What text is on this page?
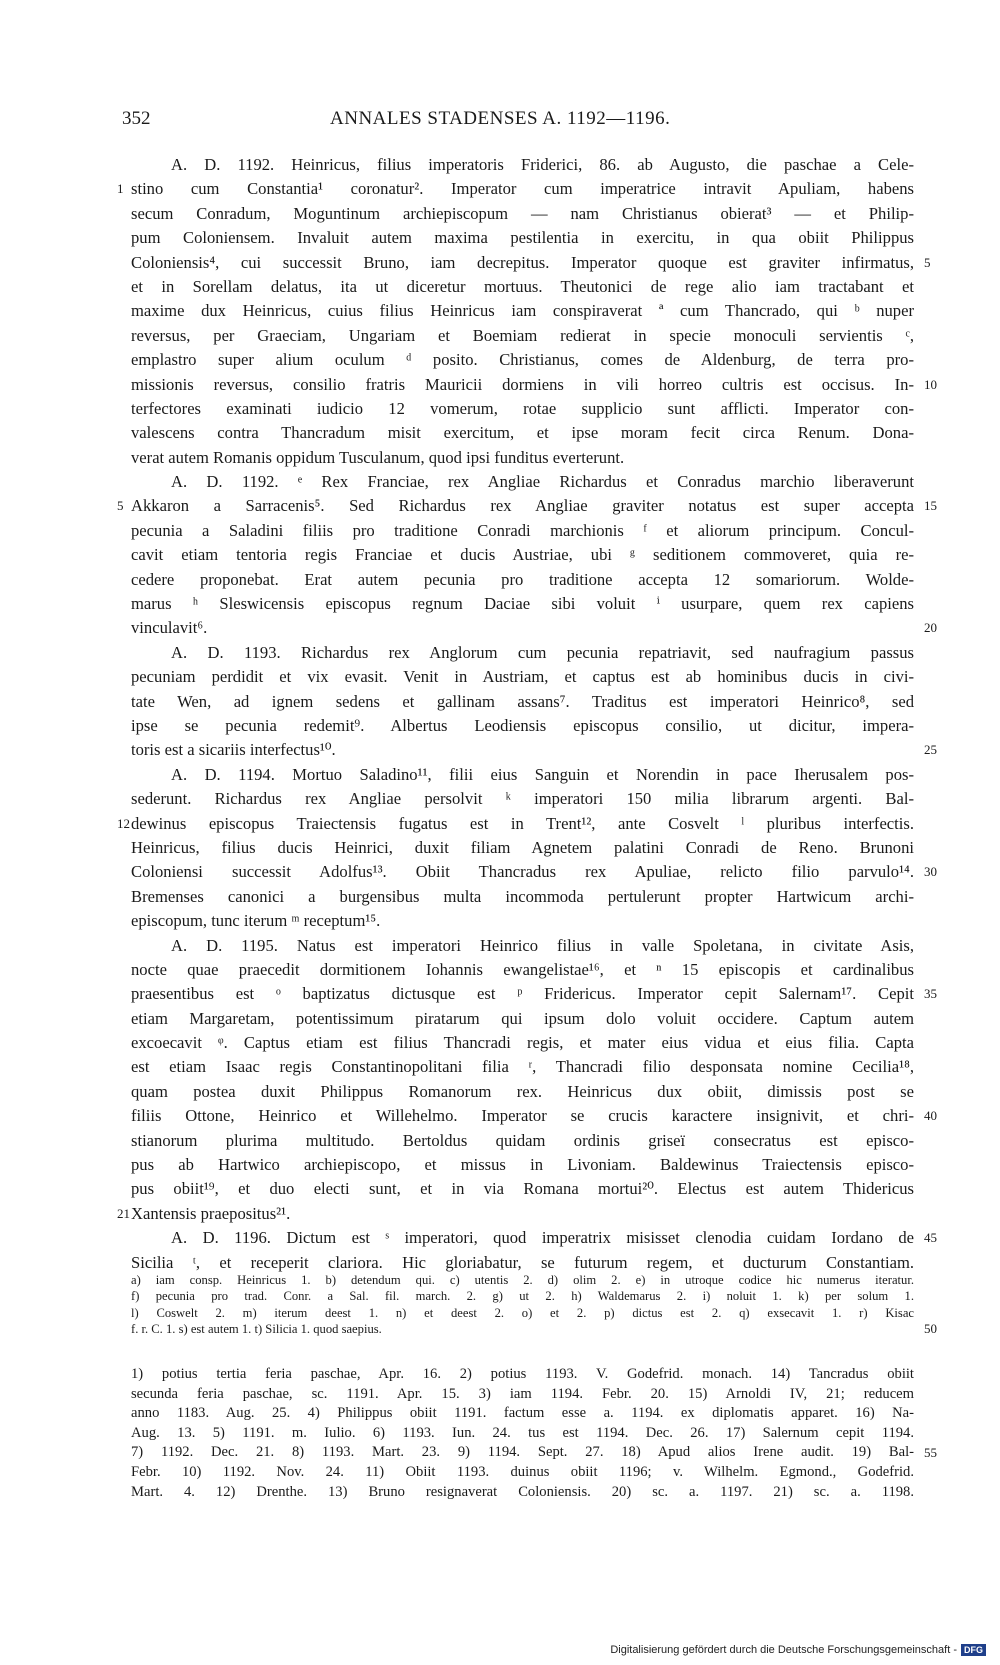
352	ANNALES STADENSES A. 1192—1196.
A. D. 1192. Heinricus, filius imperatoris Friderici, 86. ab Augusto, die paschae a Cele-
stino cum Constantia¹ coronatur². Imperator cum imperatrice intravit Apuliam, habens
1
secum Conradum, Moguntinum archiepiscopum — nam Christianus obierat³ — et Philip-
pum Coloniensem. Invaluit autem maxima pestilentia in exercitu, in qua obiit Philippus
Coloniensis⁴, cui successit Bruno, iam decrepitus. Imperator quoque est graviter infirmatus, 5
et in Sorellam delatus, ita ut diceretur mortuus. Theutonici de rege alio iam tractabant et
maxime dux Heinricus, cuius filius Heinricus iam conspiraverat ª cum Thancrado, qui ᵇ nuper
reversus, per Graeciam, Ungariam et Boemiam redierat in specie monoculi servientis ᶜ,
emplastro super alium oculum ᵈ posito. Christianus, comes de Aldenburg, de terra pro-
missionis reversus, consilio fratris Mauricii dormiens in vili horreo cultris est occisus. In- 10
terfectores examinati iudicio 12 vomerum, rotae supplicio sunt afflicti. Imperator con-
valescens contra Thancradum misit exercitum, et ipse moram fecit circa Renum. Dona-
verat autem Romanis oppidum Tusculanum, quod ipsi funditus everterunt.
A. D. 1192. ᵉ Rex Franciae, rex Angliae Richardus et Conradus marchio liberaverunt
Akkaron a Sarracenis⁵. Sed Richardus rex Angliae graviter notatus est super accepta 15
5
pecunia a Saladini filiis pro traditione Conradi marchionis ᶠ et aliorum principum. Concul-
cavit etiam tentoria regis Franciae et ducis Austriae, ubi ᵍ seditionem commoveret, quia re-
cedere proponebat. Erat autem pecunia pro traditione accepta 12 somariorum. Wolde-
marus ʰ Sleswicensis episcopus regnum Daciae sibi voluit ⁱ usurpare, quem rex capiens
vinculavit⁶.	20
A. D. 1193. Richardus rex Anglorum cum pecunia repatriavit, sed naufragium passus
pecuniam perdidit et vix evasit. Venit in Austriam, et captus est ab hominibus ducis in civi-
tate Wen, ad ignem sedens et gallinam assans⁷. Traditus est imperatori Heinrico⁸, sed
ipse se pecunia redemit⁹. Albertus Leodiensis episcopus consilio, ut dicitur, impera-
toris est a sicariis interfectus¹⁰.	25
A. D. 1194. Mortuo Saladino¹¹, filii eius Sanguin et Norendin in pace Iherusalem pos-
sederunt. Richardus rex Angliae persolvit ᵏ imperatori 150 milia librarum argenti. Bal-
dewinus episcopus Traiectensis fugatus est in Trent¹², ante Cosvelt ˡ pluribus interfectis.
12
Heinricus, filius ducis Heinrici, duxit filiam Agnetem palatini Conradi de Reno. Brunoni
Coloniensi successit Adolfus¹³. Obiit Thancradus rex Apuliae, relicto filio parvulo¹⁴. 30
Bremenses canonici a burgensibus multa incommoda pertulerunt propter Hartwicum archi-
episcopum, tunc iterum ᵐ receptum¹⁵.
A. D. 1195. Natus est imperatori Heinrico filius in valle Spoletana, in civitate Asis,
nocte quae praecedit dormitionem Iohannis ewangelistae¹⁶, et ⁿ 15 episcopis et cardinalibus
praesentibus est ᵒ baptizatus dictusque est ᵖ Fridericus. Imperator cepit Salernam¹⁷. Cepit 35
etiam Margaretam, potentissimum piratarum qui ipsum dolo voluit occidere. Captum autem
excoecavit ᵠ. Captus etiam est filius Thancradi regis, et mater eius vidua et eius filia. Capta
est etiam Isaac regis Constantinopolitani filia ʳ, Thancradi filio desponsata nomine Cecilia¹⁸,
quam postea duxit Philippus Romanorum rex. Heinricus dux obiit, dimissis post se
filiis Ottone, Heinrico et Willehelmo. Imperator se crucis karactere insignivit, et chri- 40
stianorum plurima multitudo. Bertoldus quidam ordinis griseï consecratus est episco-
pus ab Hartwico archiepiscopo, et missus in Livoniam. Baldewinus Traiectensis episco-
pus obiit¹⁹, et duo electi sunt, et in via Romana mortui²⁰. Electus est autem Thidericus
Xantensis praepositus²¹.
21
A. D. 1196. Dictum est ˢ imperatori, quod imperatrix misisset clenodia cuidam Iordano de 45
Sicilia ᵗ, et receperit clariora. Hic gloriabatur, se futurum regem, et ducturum Constantiam.
a) iam consp. Heinricus 1. b) detendum qui. c) utentis 2. d) olim 2. e) in utroque codice hic numerus iteratur.
f) pecunia pro trad. Conr. a Sal. fil. march. 2. g) ut 2. h) Waldemarus 2. i) noluit 1. k) per solum 1.
l) Coswelt 2. m) iterum deest 1. n) et deest 2. o) et 2. p) dictus est 2. q) exsecavit 1. r) Kisac
f. r. C. 1. s) est autem 1. t) Silicia 1. quod saepius.	50
1) potius tertia feria paschae, Apr. 16. 2) potius 1193. V. Godefrid. monach. 14) Tancradus obiit
secunda feria paschae, sc. 1191. Apr. 15. 3) iam 1194. Febr. 20. 15) Arnoldi IV, 21; reducem
anno 1183. Aug. 25. 4) Philippus obiit 1191. factum esse a. 1194. ex diplomatis apparet. 16) Na-
Aug. 13. 5) 1191. m. Iulio. 6) 1193. Iun. 24. tus est 1194. Dec. 26. 17) Salernum cepit 1194.
7) 1192. Dec. 21. 8) 1193. Mart. 23. 9) 1194. Sept. 27. 18) Apud alios Irene audit. 19) Bal- 55
Febr. 10) 1192. Nov. 24. 11) Obiit 1193. duinus obiit 1196; v. Wilhelm. Egmond., Godefrid.
Mart. 4. 12) Drenthe. 13) Bruno resignaverat Coloniensis. 20) sc. a. 1197. 21) sc. a. 1198.
Digitalisierung gefördert durch die Deutsche Forschungsgemeinschaft - DFG
